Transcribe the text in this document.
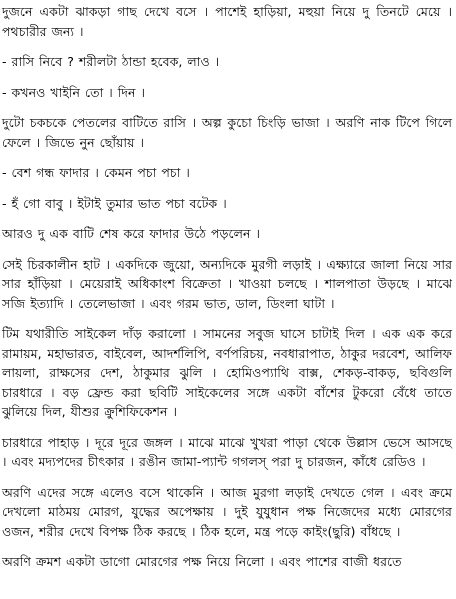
দুজনে একটা ঝাকড়া গাছ দেখে বসে । পাশেই হাড়িয়া, মহুয়া নিয়ে দু তিনটে মেয়ে । পথচারীর জন্য ।

- রাসি নিবে ? শরীলটা ঠান্ডা হবেক, লাও ।

- কখনও খাইনি তো । দিন ।

দুটো চকচকে পেতলের বাটিতে রাসি । অল্প কুচো চিংড়ি ভাজা । অরণি নাক টিপে গিলে ফেলে । জিভে নুন ছোঁয়ায় ।

- বেশ গন্ধ ফাদার । কেমন পচা পচা ।

- হঁ গো বাবু । ইটাই তুমার ভাত পচা বটেক ।

আরও দু এক বাটি শেষ করে ফাদার উঠে পড়লেন ।

সেই চিরকালীন হাট । একদিকে জুয়ো, অন্যদিকে মুরগী লড়াই । এক্ষ্যারে জালা নিয়ে সার সার হাঁড়িয়া । মেয়েরাই অধিকাংশ বিক্রেতা । খাওয়া চলছে । শালপাতা উড়ছে । মাঝে সজি ইত্যাদি । তেলেভাজা । এবং গরম ভাত, ডাল, ডিংলা ঘাটা ।

টিম যথারীতি সাইকেল দাঁড় করালো । সামনের সবুজ ঘাসে চাটাই দিল । এক এক করে রামায়ম, মহাভারত, বাইবেল, আদর্শলিপি, বর্ণপরিচয়, নবধারাপাত, ঠাকুর দরবেশ, আলিফ লায়লা, রাক্ষসের দেশ, ঠাকুমার ঝুলি । হোমিওপ্যাথি বাক্স, শেকড়-বাকড়, ছবিগুলি চারধারে । বড় ফ্রেন্ড করা ছবিটি সাইকেলের সঙ্গে একটা বাঁশের টুকরো বেঁধে তাতে ঝুলিয়ে দিল, যীশুর ক্রুশিফিকেশন ।

চারধারে পাহাড় । দূরে দূরে জঙ্গল । মাঝে মাঝে খুখরা পাড়া থেকে উল্লাস ভেসে আসছে । এবং মদ্যপদের চীৎকার । রঙীন জামা-প্যান্ট গগলস্ পরা দু চারজন, কাঁধে রেডিও ।

অরণি এদের সঙ্গে এলেও বসে থাকেনি । আজ মুরগা লড়াই দেখতে গেল । এবং ক্রমে দেখলো মাঠময় মোরগ, যুদ্ধের অপেক্ষায় । দুই যুযুধান পক্ষ নিজেদের মধ্যে মোরগের ওজন, শরীর দেখে বিপক্ষ ঠিক করছে । ঠিক হলে, মন্ত্র পড়ে কাইং(ছুরি) বাঁধছে ।

অরণি ক্রমশ একটা ডাগো মোরগের পক্ষ নিয়ে নিলো । এবং পাশের বাজী ধরতে
